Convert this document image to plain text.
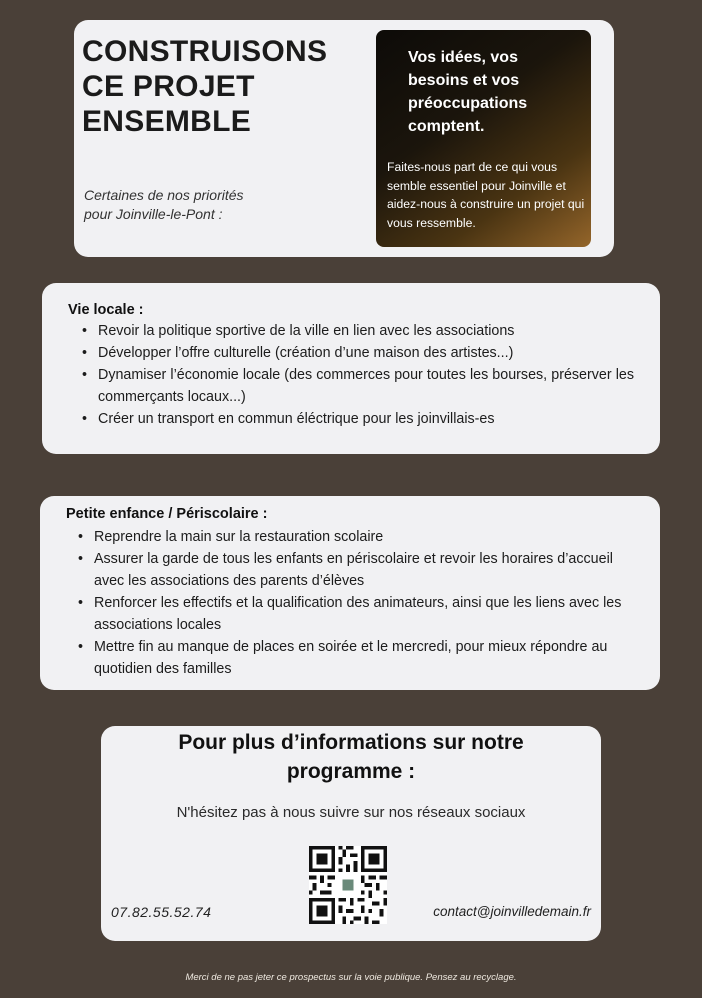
CONSTRUISONS
CE PROJET
ENSEMBLE
Certaines de nos priorités
pour Joinville-le-Pont :
Vos idées, vos
besoins et vos
préoccupations
comptent.
Faites-nous part de ce qui vous semble essentiel pour Joinville et aidez-nous à construire un projet qui vous ressemble.
Vie locale :
• Revoir la politique sportive de la ville en lien avec les associations
• Développer l’offre culturelle (création d’une maison des artistes...)
• Dynamiser l’économie locale (des commerces pour toutes les bourses, préserver les commerçants locaux...)
• Créer un transport en commun éléctrique pour les joinvillais-es
Petite enfance / Périscolaire :
• Reprendre la main sur la restauration scolaire
• Assurer la garde de tous les enfants en périscolaire et revoir les horaires d’accueil avec les associations des parents d’élèves
• Renforcer les effectifs et la qualification des animateurs, ainsi que les liens avec les associations locales
• Mettre fin au manque de places en soirée et le mercredi, pour mieux répondre au quotidien des familles
Pour plus d’informations sur notre
programme :
N'hésitez pas à nous suivre sur nos réseaux sociaux
07.82.55.52.74	contact@joinvilledemain.fr
Merci de ne pas jeter ce prospectus sur la voie publique. Pensez au recyclage.
